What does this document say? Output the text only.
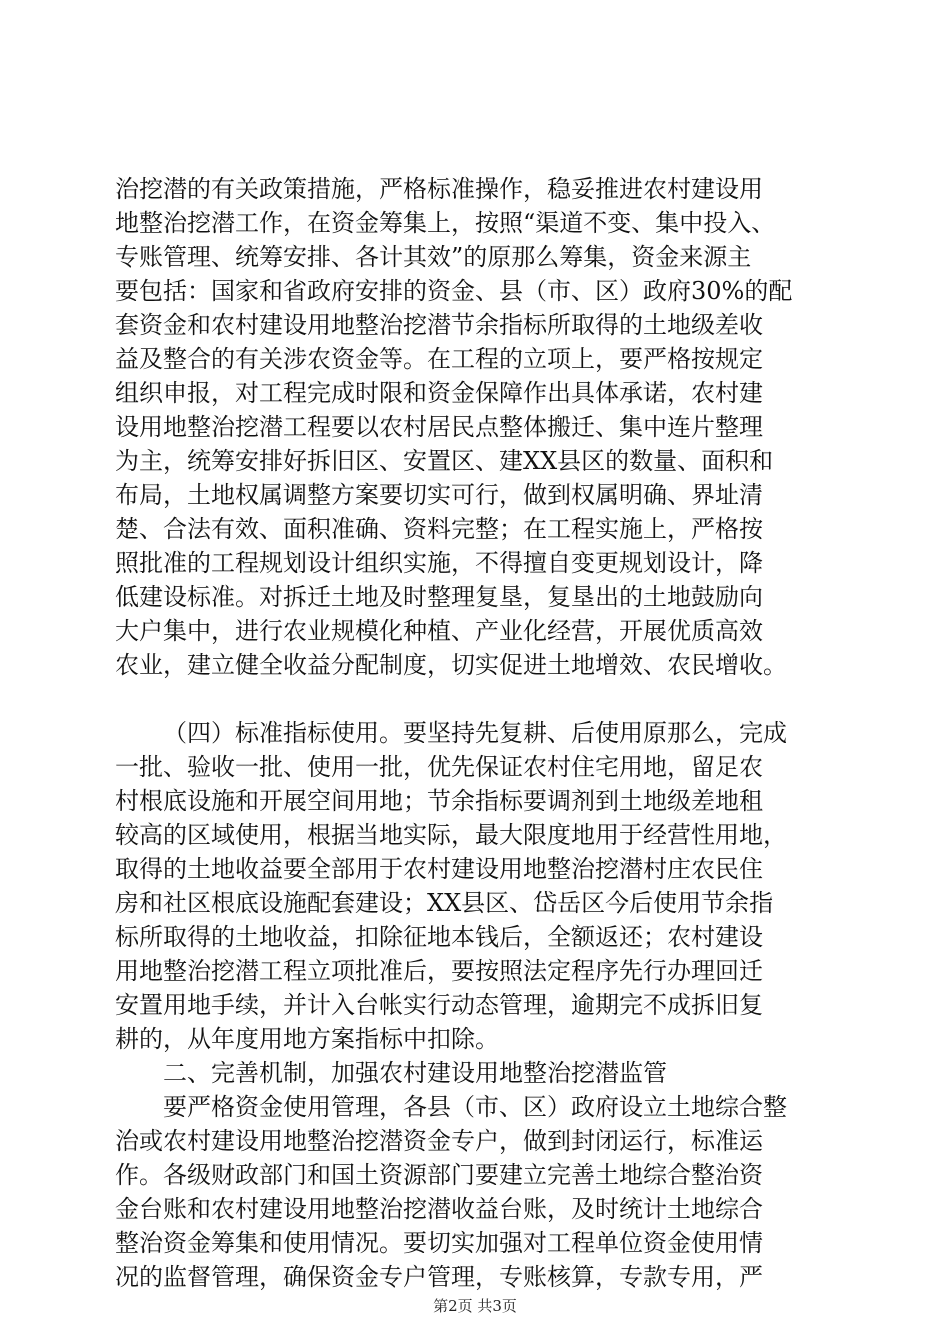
治挖潜的有关政策措施，严格标准操作，稳妥推进农村建设用

地整治挖潜工作，在资金筹集上，按照“渠道不变、集中投入、

专账管理、统筹安排、各计其效”的原那么筹集，资金来源主

要包括：国家和省政府安排的资金、县（市、区）政府30%的配

套资金和农村建设用地整治挖潜节余指标所取得的土地级差收

益及整合的有关涉农资金等。在工程的立项上，要严格按规定

组织申报，对工程完成时限和资金保障作出具体承诺，农村建

设用地整治挖潜工程要以农村居民点整体搬迁、集中连片整理

为主，统筹安排好拆旧区、安置区、建XX县区的数量、面积和

布局，土地权属调整方案要切实可行，做到权属明确、界址清

楚、合法有效、面积准确、资料完整；在工程实施上，严格按

照批准的工程规划设计组织实施，不得擅自变更规划设计，降

低建设标准。对拆迁土地及时整理复垦，复垦出的土地鼓励向

大户集中，进行农业规模化种植、产业化经营，开展优质高效

农业，建立健全收益分配制度，切实促进土地增效、农民增收。

（四）标准指标使用。要坚持先复耕、后使用原那么，完成

一批、验收一批、使用一批，优先保证农村住宅用地，留足农

村根底设施和开展空间用地；节余指标要调剂到土地级差地租

较高的区域使用，根据当地实际，最大限度地用于经营性用地，

取得的土地收益要全部用于农村建设用地整治挖潜村庄农民住

房和社区根底设施配套建设；XX县区、岱岳区今后使用节余指

标所取得的土地收益，扣除征地本钱后，全额返还；农村建设

用地整治挖潜工程立项批准后，要按照法定程序先行办理回迁

安置用地手续，并计入台帐实行动态管理，逾期完不成拆旧复

耕的，从年度用地方案指标中扣除。

二、完善机制，加强农村建设用地整治挖潜监管

要严格资金使用管理，各县（市、区）政府设立土地综合整

治或农村建设用地整治挖潜资金专户，做到封闭运行，标准运

作。各级财政部门和国土资源部门要建立完善土地综合整治资

金台账和农村建设用地整治挖潜收益台账，及时统计土地综合

整治资金筹集和使用情况。要切实加强对工程单位资金使用情

况的监督管理，确保资金专户管理，专账核算，专款专用，严

第2页 共3页
